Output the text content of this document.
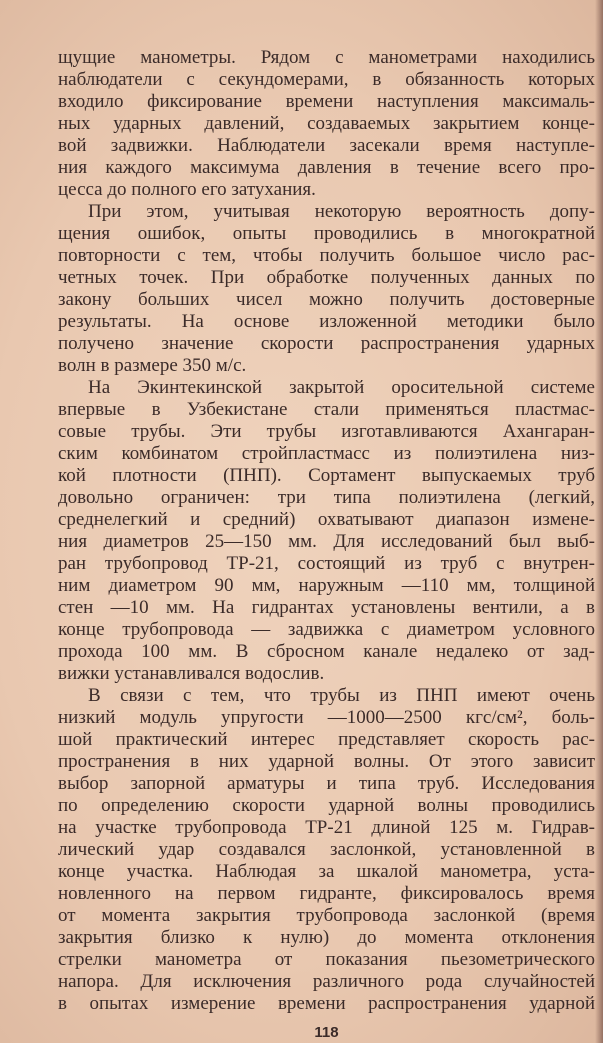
щущие манометры. Рядом с манометрами находились
наблюдатели с секундомерами, в обязанность которых
входило фиксирование времени наступления максималь-
ных ударных давлений, создаваемых закрытием конце-
вой задвижки. Наблюдатели засекали время наступле-
ния каждого максимума давления в течение всего про-
цесса до полного его затухания.
При этом, учитывая некоторую вероятность допу-
щения ошибок, опыты проводились в многократной
повторности с тем, чтобы получить большое число рас-
четных точек. При обработке полученных данных по
закону больших чисел можно получить достоверные
результаты. На основе изложенной методики было
получено значение скорости распространения ударных
волн в размере 350 м/с.
На Экинтекинской закрытой оросительной системе
впервые в Узбекистане стали применяться пластмас-
совые трубы. Эти трубы изготавливаются Ахангаран-
ским комбинатом стройпластмасс из полиэтилена низ-
кой плотности (ПНП). Сортамент выпускаемых труб
довольно ограничен: три типа полиэтилена (легкий,
среднелегкий и средний) охватывают диапазон измене-
ния диаметров 25—150 мм. Для исследований был выб-
ран трубопровод ТР-21, состоящий из труб с внутрен-
ним диаметром 90 мм, наружным —110 мм, толщиной
стен —10 мм. На гидрантах установлены вентили, а в
конце трубопровода — задвижка с диаметром условного
прохода 100 мм. В сбросном канале недалеко от зад-
вижки устанавливался водослив.
В связи с тем, что трубы из ПНП имеют очень
низкий модуль упругости —1000—2500 кгс/см², боль-
шой практический интерес представляет скорость рас-
пространения в них ударной волны. От этого зависит
выбор запорной арматуры и типа труб. Исследования
по определению скорости ударной волны проводились
на участке трубопровода ТР-21 длиной 125 м. Гидрав-
лический удар создавался заслонкой, установленной в
конце участка. Наблюдая за шкалой манометра, уста-
новленного на первом гидранте, фиксировалось время
от момента закрытия трубопровода заслонкой (время
закрытия близко к нулю) до момента отклонения
стрелки манометра от показания пьезометрического
напора. Для исключения различного рода случайностей
в опытах измерение времени распространения ударной
118
